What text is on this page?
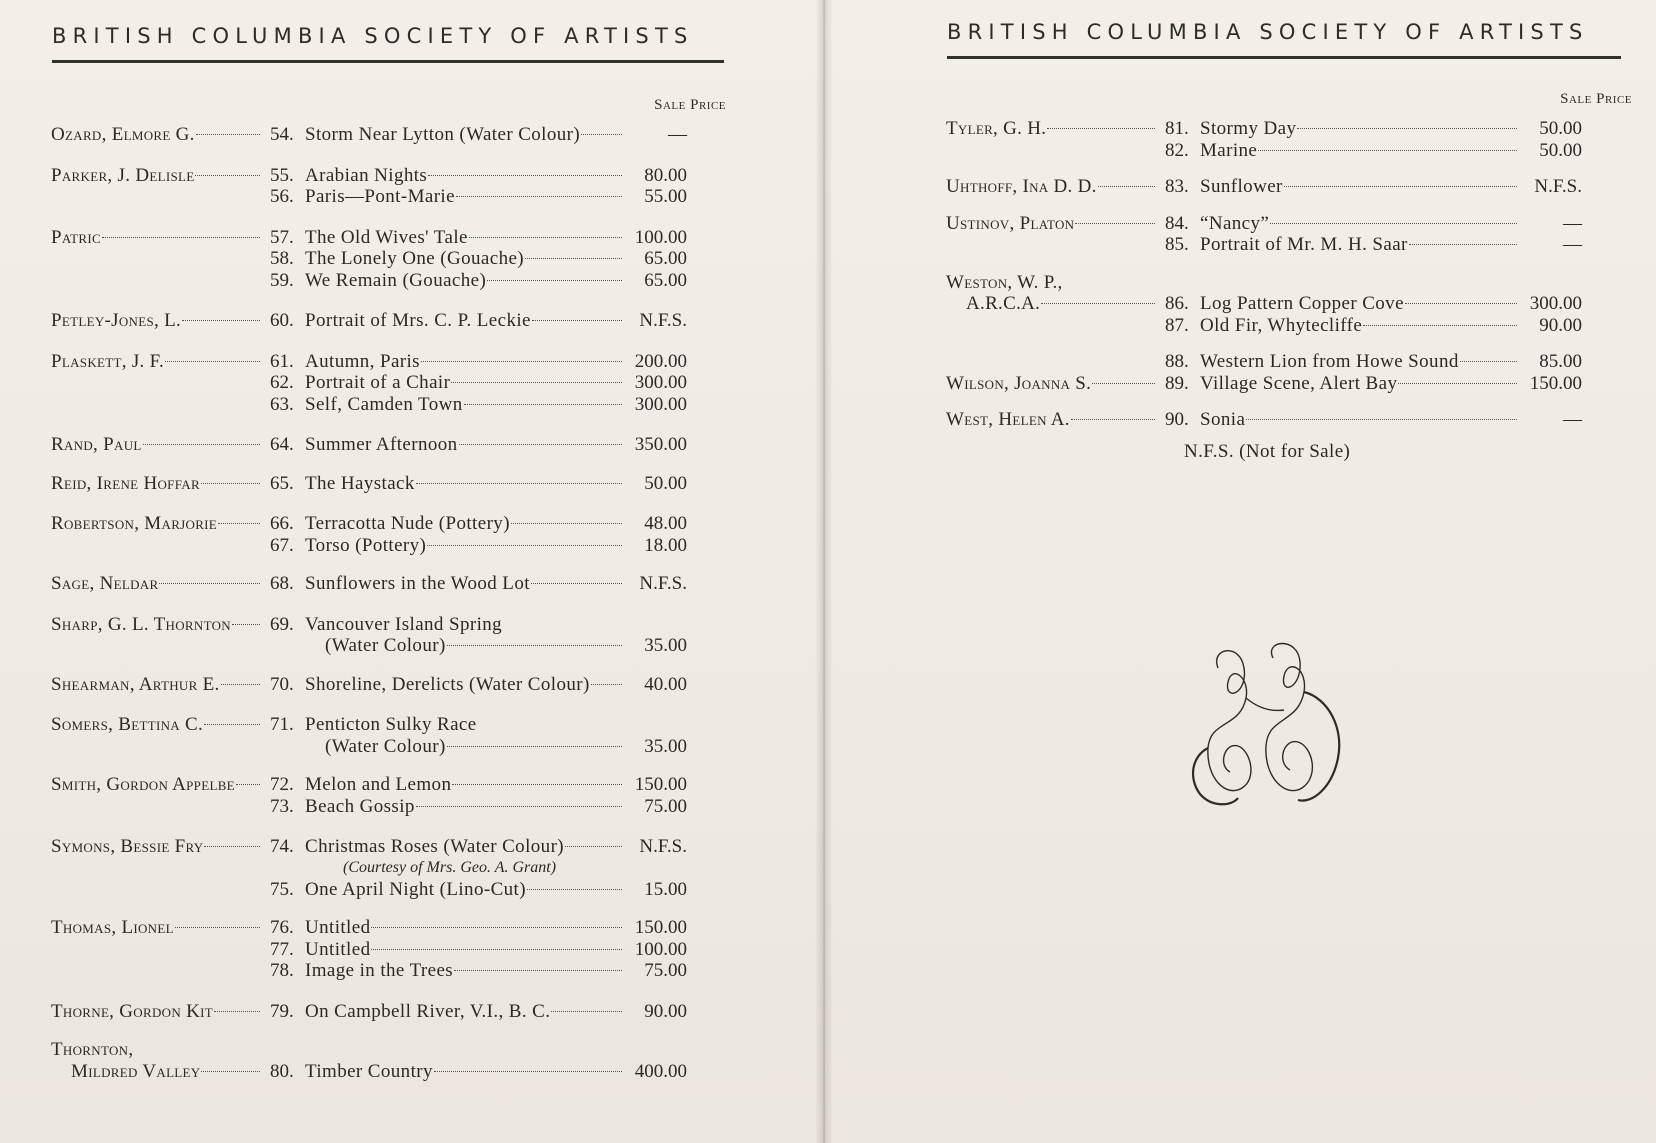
BRITISH COLUMBIA SOCIETY OF ARTISTS
Sale Price
Ozard, Elmore G.	54. Storm Near Lytton (Water Colour)	—
Parker, J. Delisle	55. Arabian Nights	80.00
56. Paris—Pont-Marie	55.00
Patric	57. The Old Wives' Tale	100.00
58. The Lonely One (Gouache)	65.00
59. We Remain (Gouache)	65.00
Petley-Jones, L.	60. Portrait of Mrs. C. P. Leckie	N.F.S.
Plaskett, J. F.	61. Autumn, Paris	200.00
62. Portrait of a Chair	300.00
63. Self, Camden Town	300.00
Rand, Paul	64. Summer Afternoon	350.00
Reid, Irene Hoffar	65. The Haystack	50.00
Robertson, Marjorie	66. Terracotta Nude (Pottery)	48.00
67. Torso (Pottery)	18.00
Sage, Neldar	68. Sunflowers in the Wood Lot	N.F.S.
Sharp, G. L. Thornton 69. Vancouver Island Spring
(Water Colour)	35.00
Shearman, Arthur E.	70. Shoreline, Derelicts (Water Colour)	40.00
Somers, Bettina C.	71. Penticton Sulky Race
(Water Colour)	35.00
Smith, Gordon Appelbe 72. Melon and Lemon	150.00
73. Beach Gossip	75.00
Symons, Bessie Fry	74. Christmas Roses (Water Colour)	N.F.S.
(Courtesy of Mrs. Geo. A. Grant)
75. One April Night (Lino-Cut)	15.00
Thomas, Lionel	76. Untitled	150.00
77. Untitled	100.00
78. Image in the Trees	75.00
Thorne, Gordon Kit	79. On Campbell River, V.I., B. C.	90.00
Thornton,
Mildred Valley	80. Timber Country	400.00
BRITISH COLUMBIA SOCIETY OF ARTISTS
Sale Price
Tyler, G. H.	81. Stormy Day	50.00
82. Marine	50.00
Uhthoff, Ina D. D.	83. Sunflower	N.F.S.
Ustinov, Platon	84. “Nancy”	—
85. Portrait of Mr. M. H. Saar	—
Weston, W. P.,
A.R.C.A.	86. Log Pattern Copper Cove	300.00
87. Old Fir, Whytecliffe	90.00
88. Western Lion from Howe Sound	85.00
Wilson, Joanna S.	89. Village Scene, Alert Bay	150.00
West, Helen A.	90. Sonia	—
N.F.S. (Not for Sale)
